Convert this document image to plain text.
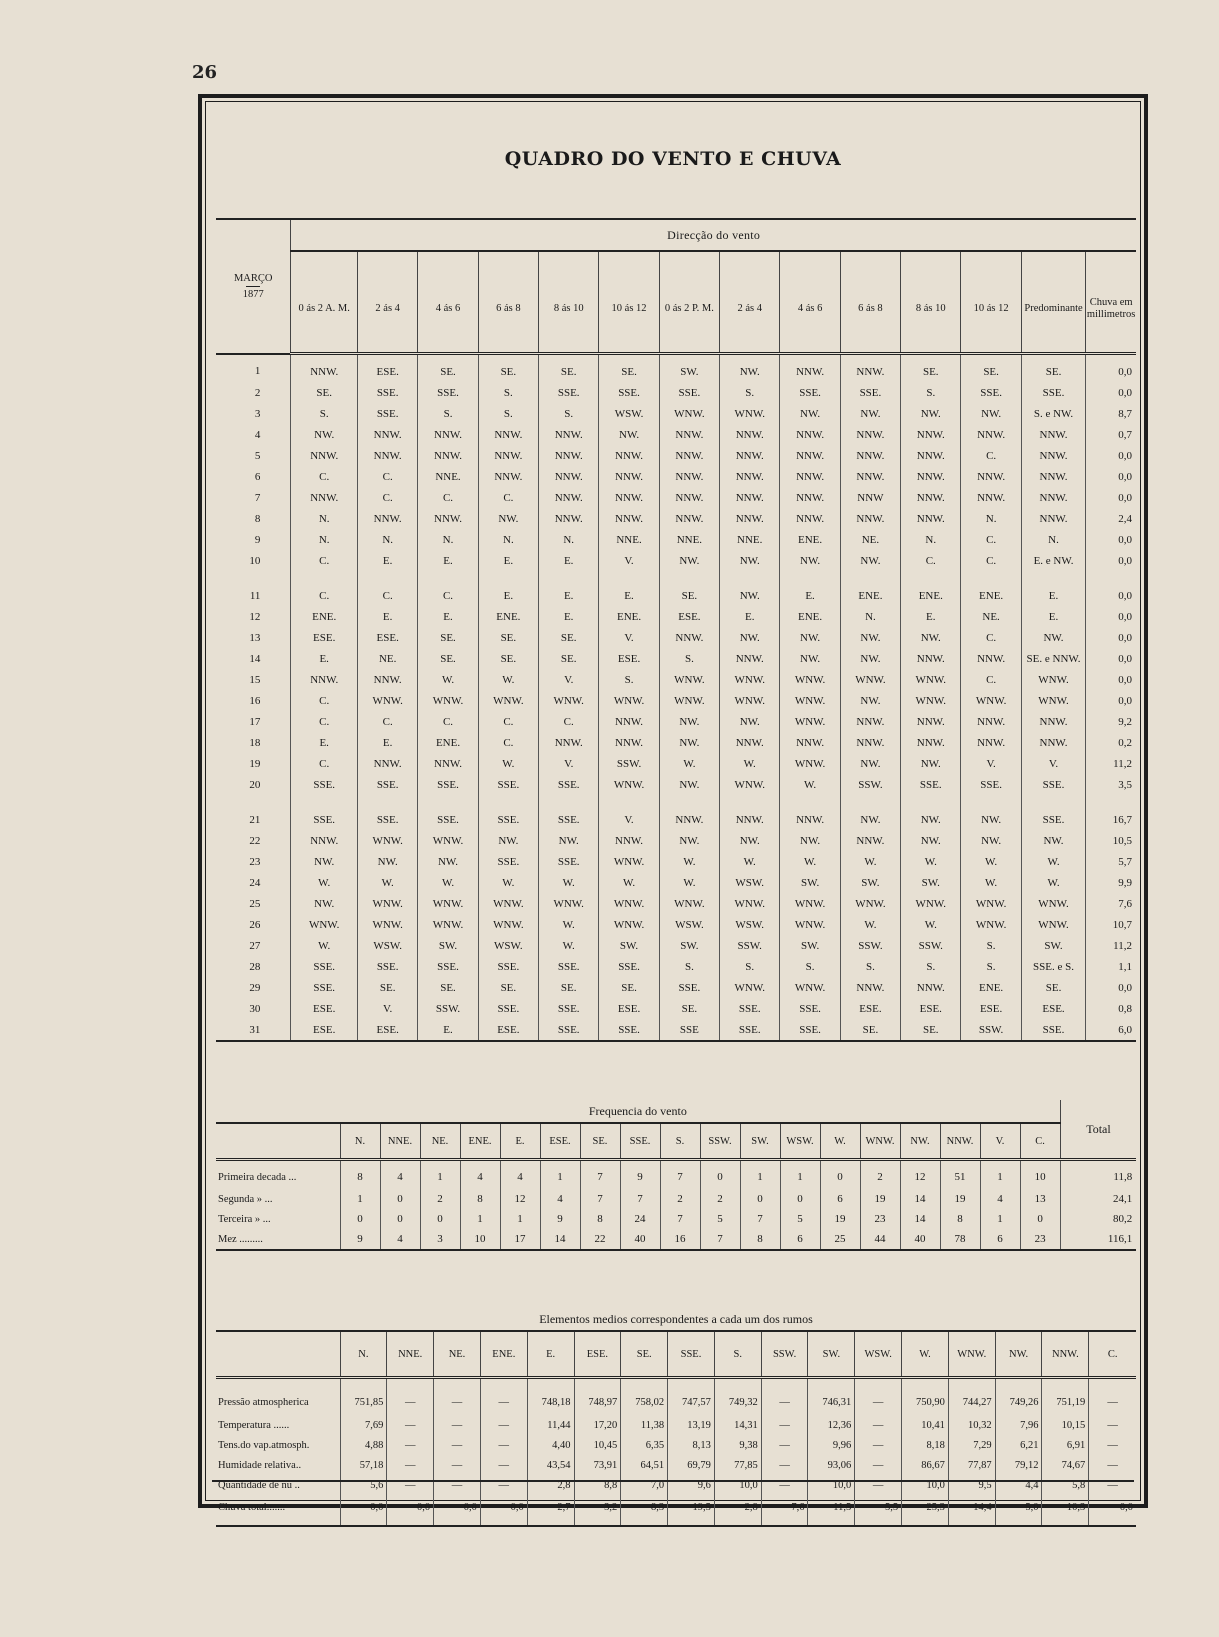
26
QUADRO DO VENTO E CHUVA
MARÇO
1877	Direcção do vento													
	0 ás 2 A. M.	2 ás 4	4 ás 6	6 ás 8	8 ás 10	10 ás 12	0 ás 2 P. M.	2 ás 4	4 ás 6	6 ás 8	8 ás 10	10 ás 12	Predominante	Chuva em millimetros
1	NNW.	ESE.	SE.	SE.	SE.	SE.	SW.	NW.	NNW.	NNW.	SE.	SE.	SE.	0,0
2	SE.	SSE.	SSE.	S.	SSE.	SSE.	SSE.	S.	SSE.	SSE.	S.	SSE.	SSE.	0,0
3	S.	SSE.	S.	S.	S.	WSW.	WNW.	WNW.	NW.	NW.	NW.	NW.	S. e NW.	8,7
4	NW.	NNW.	NNW.	NNW.	NNW.	NW.	NNW.	NNW.	NNW.	NNW.	NNW.	NNW.	NNW.	0,7
5	NNW.	NNW.	NNW.	NNW.	NNW.	NNW.	NNW.	NNW.	NNW.	NNW.	NNW.	C.	NNW.	0,0
6	C.	C.	NNE.	NNW.	NNW.	NNW.	NNW.	NNW.	NNW.	NNW.	NNW.	NNW.	NNW.	0,0
7	NNW.	C.	C.	C.	NNW.	NNW.	NNW.	NNW.	NNW.	NNW	NNW.	NNW.	NNW.	0,0
8	N.	NNW.	NNW.	NW.	NNW.	NNW.	NNW.	NNW.	NNW.	NNW.	NNW.	N.	NNW.	2,4
9	N.	N.	N.	N.	N.	NNE.	NNE.	NNE.	ENE.	NE.	N.	C.	N.	0,0
10	C.	E.	E.	E.	E.	V.	NW.	NW.	NW.	NW.	C.	C.	E. e NW.	0,0
11	C.	C.	C.	E.	E.	E.	SE.	NW.	E.	ENE.	ENE.	ENE.	E.	0,0
12	ENE.	E.	E.	ENE.	E.	ENE.	ESE.	E.	ENE.	N.	E.	NE.	E.	0,0
13	ESE.	ESE.	SE.	SE.	SE.	V.	NNW.	NW.	NW.	NW.	NW.	C.	NW.	0,0
14	E.	NE.	SE.	SE.	SE.	ESE.	S.	NNW.	NW.	NW.	NNW.	NNW.	SE. e NNW.	0,0
15	NNW.	NNW.	W.	W.	V.	S.	WNW.	WNW.	WNW.	WNW.	WNW.	C.	WNW.	0,0
16	C.	WNW.	WNW.	WNW.	WNW.	WNW.	WNW.	WNW.	WNW.	NW.	WNW.	WNW.	WNW.	0,0
17	C.	C.	C.	C.	C.	NNW.	NW.	NW.	WNW.	NNW.	NNW.	NNW.	NNW.	9,2
18	E.	E.	ENE.	C.	NNW.	NNW.	NW.	NNW.	NNW.	NNW.	NNW.	NNW.	NNW.	0,2
19	C.	NNW.	NNW.	W.	V.	SSW.	W.	W.	WNW.	NW.	NW.	V.	V.	11,2
20	SSE.	SSE.	SSE.	SSE.	SSE.	WNW.	NW.	WNW.	W.	SSW.	SSE.	SSE.	SSE.	3,5
21	SSE.	SSE.	SSE.	SSE.	SSE.	V.	NNW.	NNW.	NNW.	NW.	NW.	NW.	SSE.	16,7
22	NNW.	WNW.	WNW.	NW.	NW.	NNW.	NW.	NW.	NW.	NNW.	NW.	NW.	NW.	10,5
23	NW.	NW.	NW.	SSE.	SSE.	WNW.	W.	W.	W.	W.	W.	W.	W.	5,7
24	W.	W.	W.	W.	W.	W.	W.	WSW.	SW.	SW.	SW.	W.	W.	9,9
25	NW.	WNW.	WNW.	WNW.	WNW.	WNW.	WNW.	WNW.	WNW.	WNW.	WNW.	WNW.	WNW.	7,6
26	WNW.	WNW.	WNW.	WNW.	W.	WNW.	WSW.	WSW.	WNW.	W.	W.	WNW.	WNW.	10,7
27	W.	WSW.	SW.	WSW.	W.	SW.	SW.	SSW.	SW.	SSW.	SSW.	S.	SW.	11,2
28	SSE.	SSE.	SSE.	SSE.	SSE.	SSE.	S.	S.	S.	S.	S.	S.	SSE. e S.	1,1
29	SSE.	SE.	SE.	SE.	SE.	SE.	SSE.	WNW.	WNW.	NNW.	NNW.	ENE.	SE.	0,0
30	ESE.	V.	SSW.	SSE.	SSE.	ESE.	SE.	SSE.	SSE.	ESE.	ESE.	ESE.	ESE.	0,8
31	ESE.	ESE.	E.	ESE.	SSE.	SSE.	SSE	SSE.	SSE.	SE.	SE.	SSW.	SSE.	6,0
Frequencia do vento																			Total
	N.	NNE.	NE.	ENE.	E.	ESE.	SE.	SSE.	S.	SSW.	SW.	WSW.	W.	WNW.	NW.	NNW.	V.	C.	
Primeira decada ...	8	4	1	4	4	1	7	9	7	0	1	1	0	2	12	51	1	10	11,8
Segunda » ...	1	0	2	8	12	4	7	7	2	2	0	0	6	19	14	19	4	13	24,1
Terceira » ...	0	0	0	1	1	9	8	24	7	5	7	5	19	23	14	8	1	0	80,2
Mez .........	9	4	3	10	17	14	22	40	16	7	8	6	25	44	40	78	6	23	116,1
Elementos medios correspondentes a cada um dos rumos																	
	N.	NNE.	NE.	ENE.	E.	ESE.	SE.	SSE.	S.	SSW.	SW.	WSW.	W.	WNW.	NW.	NNW.	C.
Pressão atmospherica	751,85	—	—	—	748,18	748,97	758,02	747,57	749,32	—	746,31	—	750,90	744,27	749,26	751,19	—
Temperatura ......	7,69	—	—	—	11,44	17,20	11,38	13,19	14,31	—	12,36	—	10,41	10,32	7,96	10,15	—
Tens.do vap.atmosph.	4,88	—	—	—	4,40	10,45	6,35	8,13	9,38	—	9,96	—	8,18	7,29	6,21	6,91	—
Humidade relativa..	57,18	—	—	—	43,54	73,91	64,51	69,79	77,85	—	93,06	—	86,67	77,87	79,12	74,67	—
Quantidade de nu ..	5,6	—	—	—	2,8	8,8	7,0	9,6	10,0	—	10,0	—	10,0	9,5	4,4	5,8	—
Chuva total.......	0,0	0,0	0,0	0,0	2,7	3,2	8,3	19,5	2,8	7,6	11,5	5,5	25,3	14,4	5,0	10,3	0,0
